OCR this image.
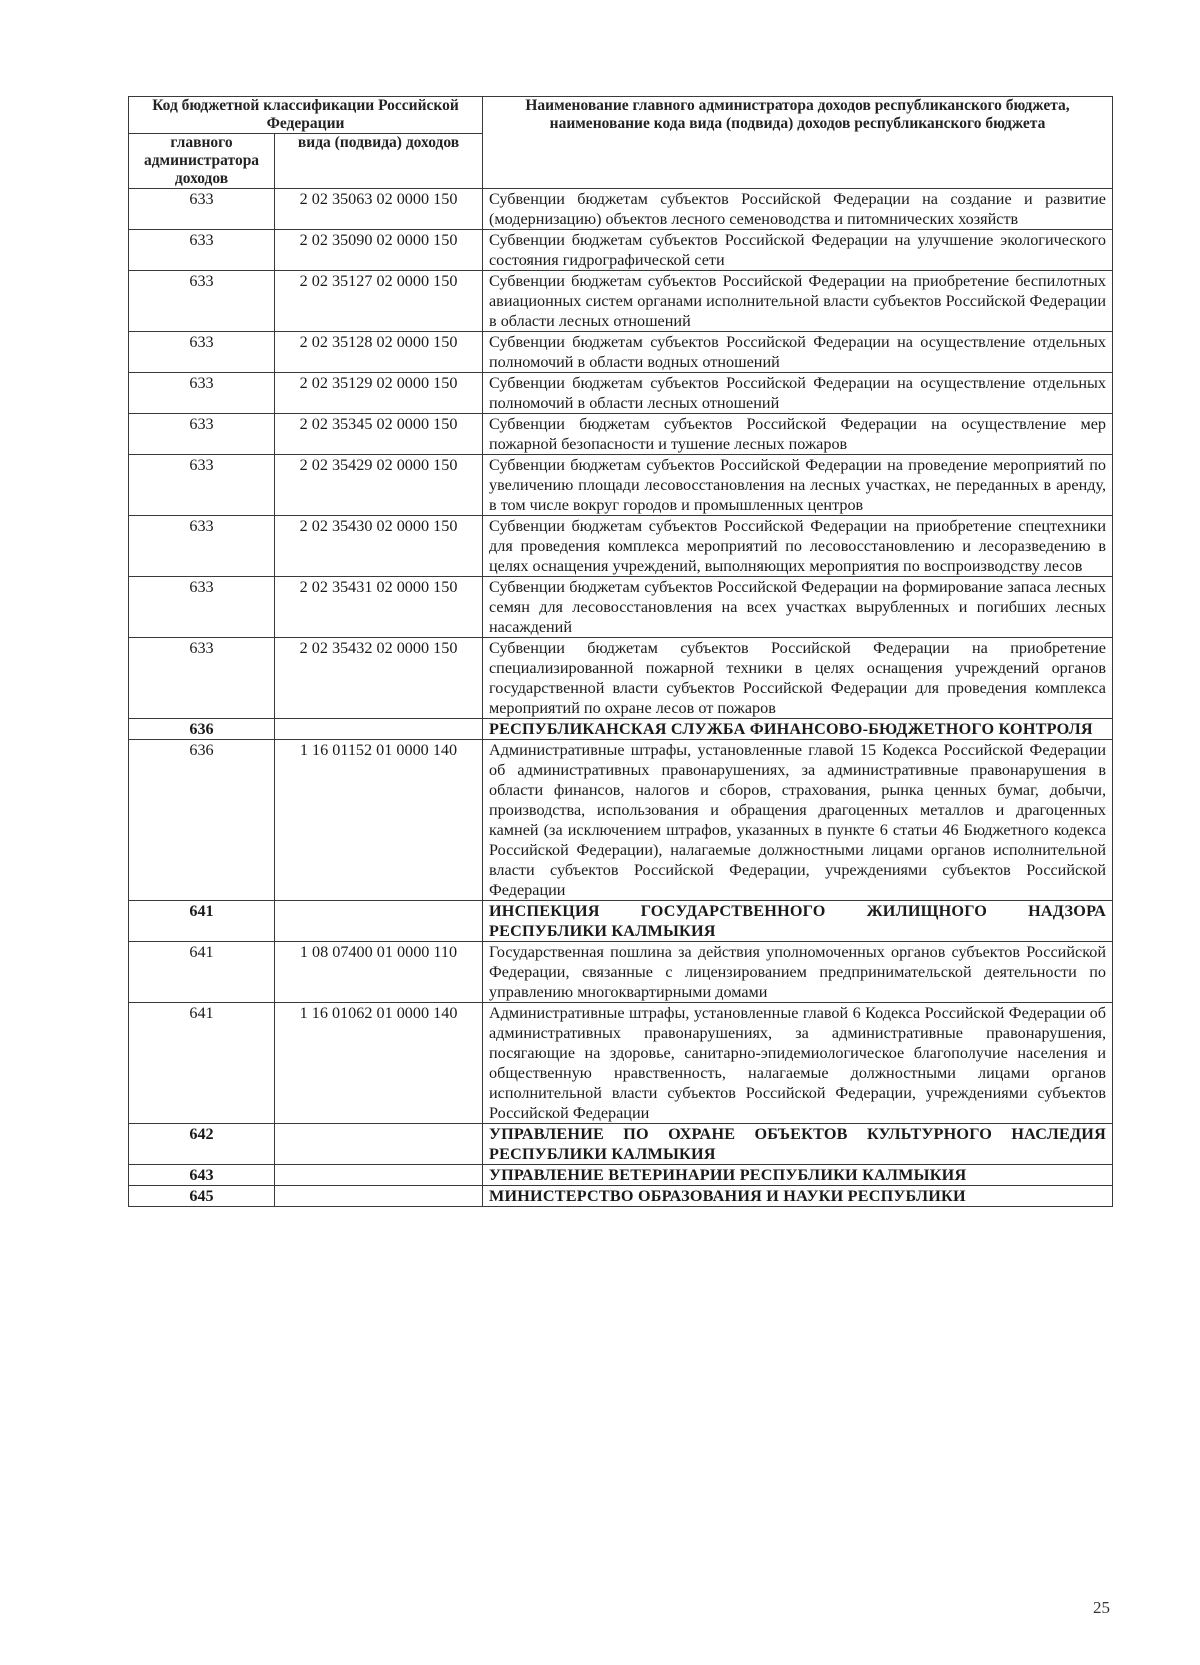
Код бюджетной классификации Российской Федерации		Наименование главного администратора доходов республиканского бюджета, наименование кода вида (подвида) доходов республиканского бюджета
главного администратора доходов	вида (подвида) доходов	
633	2 02 35063 02 0000 150	Субвенции бюджетам субъектов Российской Федерации на создание и развитие (модернизацию) объектов лесного семеноводства и питомнических хозяйств
633	2 02 35090 02 0000 150	Субвенции бюджетам субъектов Российской Федерации на улучшение экологического состояния гидрографической сети
633	2 02 35127 02 0000 150	Субвенции бюджетам субъектов Российской Федерации на приобретение беспилотных авиационных систем органами исполнительной власти субъектов Российской Федерации в области лесных отношений
633	2 02 35128 02 0000 150	Субвенции бюджетам субъектов Российской Федерации на осуществление отдельных полномочий в области водных отношений
633	2 02 35129 02 0000 150	Субвенции бюджетам субъектов Российской Федерации на осуществление отдельных полномочий в области лесных отношений
633	2 02 35345 02 0000 150	Субвенции бюджетам субъектов Российской Федерации на осуществление мер пожарной безопасности и тушение лесных пожаров
633	2 02 35429 02 0000 150	Субвенции бюджетам субъектов Российской Федерации на проведение мероприятий по увеличению площади лесовосстановления на лесных участках, не переданных в аренду, в том числе вокруг городов и промышленных центров
633	2 02 35430 02 0000 150	Субвенции бюджетам субъектов Российской Федерации на приобретение спецтехники для проведения комплекса мероприятий по лесовосстановлению и лесоразведению в целях оснащения учреждений, выполняющих мероприятия по воспроизводству лесов
633	2 02 35431 02 0000 150	Субвенции бюджетам субъектов Российской Федерации на формирование запаса лесных семян для лесовосстановления на всех участках вырубленных и погибших лесных насаждений
633	2 02 35432 02 0000 150	Субвенции бюджетам субъектов Российской Федерации на приобретение специализированной пожарной техники в целях оснащения учреждений органов государственной власти субъектов Российской Федерации для проведения комплекса мероприятий по охране лесов от пожаров
636		РЕСПУБЛИКАНСКАЯ СЛУЖБА ФИНАНСОВО-БЮДЖЕТНОГО КОНТРОЛЯ
636	1 16 01152 01 0000 140	Административные штрафы, установленные главой 15 Кодекса Российской Федерации об административных правонарушениях, за административные правонарушения в области финансов, налогов и сборов, страхования, рынка ценных бумаг, добычи, производства, использования и обращения драгоценных металлов и драгоценных камней (за исключением штрафов, указанных в пункте 6 статьи 46 Бюджетного кодекса Российской Федерации), налагаемые должностными лицами органов исполнительной власти субъектов Российской Федерации, учреждениями субъектов Российской Федерации
641		ИНСПЕКЦИЯ ГОСУДАРСТВЕННОГО ЖИЛИЩНОГО НАДЗОРА РЕСПУБЛИКИ КАЛМЫКИЯ
641	1 08 07400 01 0000 110	Государственная пошлина за действия уполномоченных органов субъектов Российской Федерации, связанные с лицензированием предпринимательской деятельности по управлению многоквартирными домами
641	1 16 01062 01 0000 140	Административные штрафы, установленные главой 6 Кодекса Российской Федерации об административных правонарушениях, за административные правонарушения, посягающие на здоровье, санитарно-эпидемиологическое благополучие населения и общественную нравственность, налагаемые должностными лицами органов исполнительной власти субъектов Российской Федерации, учреждениями субъектов Российской Федерации
642		УПРАВЛЕНИЕ ПО ОХРАНЕ ОБЪЕКТОВ КУЛЬТУРНОГО НАСЛЕДИЯ РЕСПУБЛИКИ КАЛМЫКИЯ
643		УПРАВЛЕНИЕ ВЕТЕРИНАРИИ РЕСПУБЛИКИ КАЛМЫКИЯ
645		МИНИСТЕРСТВО ОБРАЗОВАНИЯ И НАУКИ РЕСПУБЛИКИ
25
